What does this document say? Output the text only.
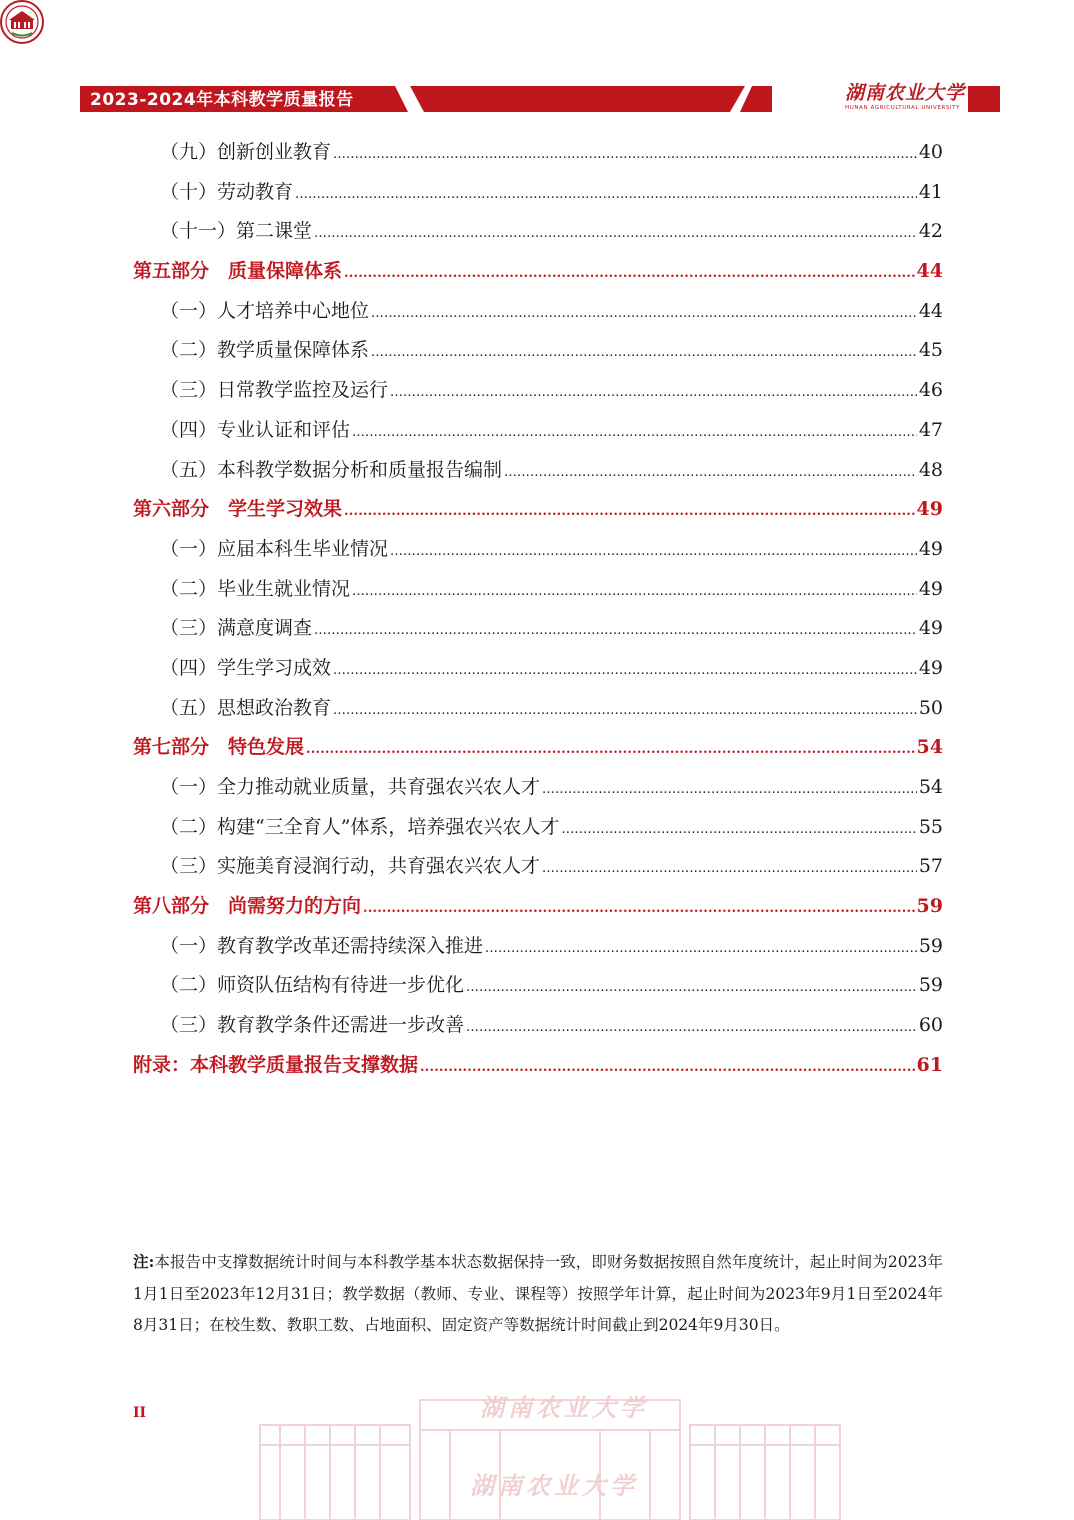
2023-2024年本科教学质量报告	湖南农业大学
HUNAN AGRICULTURAL UNIVERSITY
（九）创新创业教育 .....	40
（十）劳动教育 .....	41
（十一）第二课堂 .....	42
第五部分　质量保障体系 .....	44
（一）人才培养中心地位 .....	44
（二）教学质量保障体系 .....	45
（三）日常教学监控及运行 .....	46
（四）专业认证和评估 .....	47
（五）本科教学数据分析和质量报告编制 .....	48
第六部分　学生学习效果 .....	49
（一）应届本科生毕业情况 .....	49
（二）毕业生就业情况 .....	49
（三）满意度调查 .....	49
（四）学生学习成效 .....	49
（五）思想政治教育 .....	50
第七部分　特色发展 .....	54
（一）全力推动就业质量，共育强农兴农人才 .....	54
（二）构建“三全育人”体系，培养强农兴农人才 .....	55
（三）实施美育浸润行动，共育强农兴农人才 .....	57
第八部分　尚需努力的方向 .....	59
（一）教育教学改革还需持续深入推进 .....	59
（二）师资队伍结构有待进一步优化 .....	59
（三）教育教学条件还需进一步改善 .....	60
附录：本科教学质量报告支撑数据 .....	61
注:本报告中支撑数据统计时间与本科教学基本状态数据保持一致，即财务数据按照自然年度统计，起止时间为2023年1月1日至2023年12月31日；教学数据（教师、专业、课程等）按照学年计算，起止时间为2023年9月1日至2024年8月31日；在校生数、教职工数、占地面积、固定资产等数据统计时间截止到2024年9月30日。
II	湖南农业大学
湖南农业大学
